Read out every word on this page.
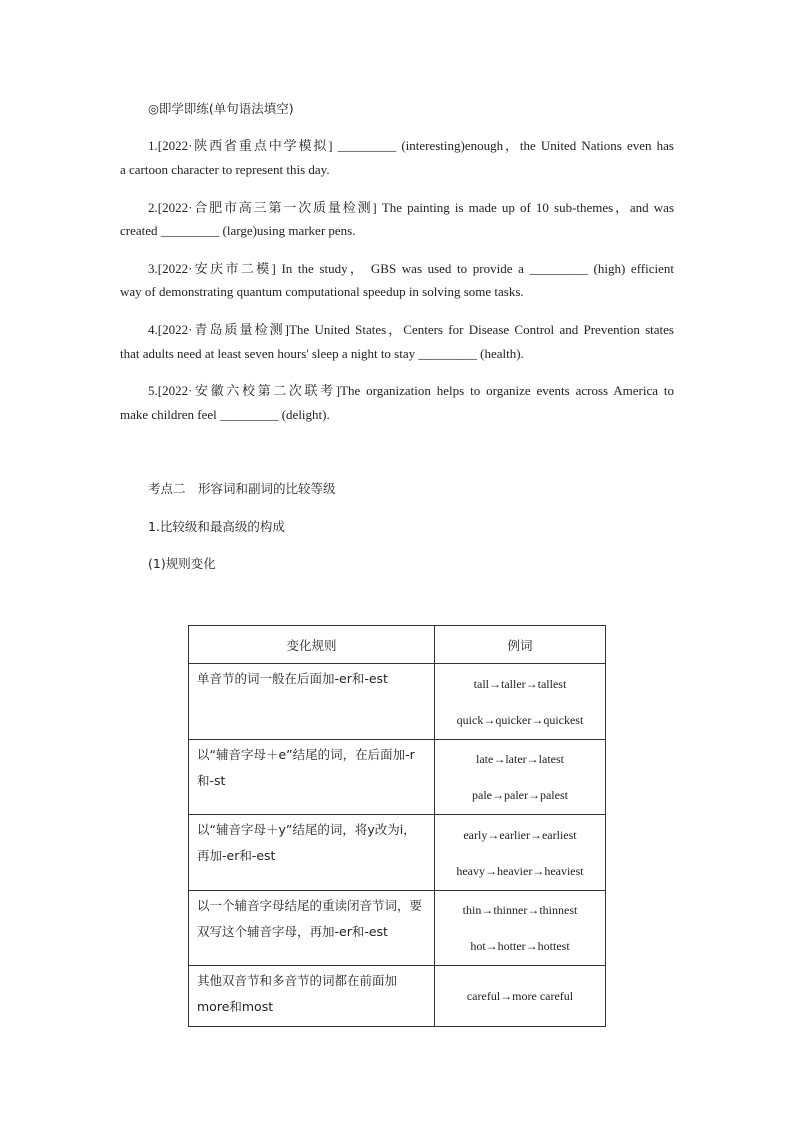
◎即学即练(单句语法填空)
1.[2022·陕西省重点中学模拟] _________ (interesting)enough，the United Nations even has
a cartoon character to represent this day.
2.[2022·合肥市高三第一次质量检测] The painting is made up of 10 sub-themes，and was
created _________ (large)using marker pens.
3.[2022·安庆市二模] In the study， GBS was used to provide a _________ (high) efficient
way of demonstrating quantum computational speedup in solving some tasks.
4.[2022·青岛质量检测]The United States，Centers for Disease Control and Prevention states
that adults need at least seven hours' sleep a night to stay _________ (health).
5.[2022·安徽六校第二次联考]The organization helps to organize events across America to
make children feel _________ (delight).
考点二　形容词和副词的比较等级
1.比较级和最高级的构成
(1)规则变化
变化规则	例词
单音节的词一般在后面加-er和-est	tall→taller→tallest
quick→quicker→quickest

以“辅音字母＋e”结尾的词，在后面加-r和-st	late→later→latest
pale→paler→palest

以“辅音字母＋y”结尾的词，将y改为i，再加-er和-est	early→earlier→earliest
heavy→heavier→heaviest

以一个辅音字母结尾的重读闭音节词，要双写这个辅音字母，再加-er和-est	thin→thinner→thinnest
hot→hotter→hottest

其他双音节和多音节的词都在前面加more和most	careful→more careful
